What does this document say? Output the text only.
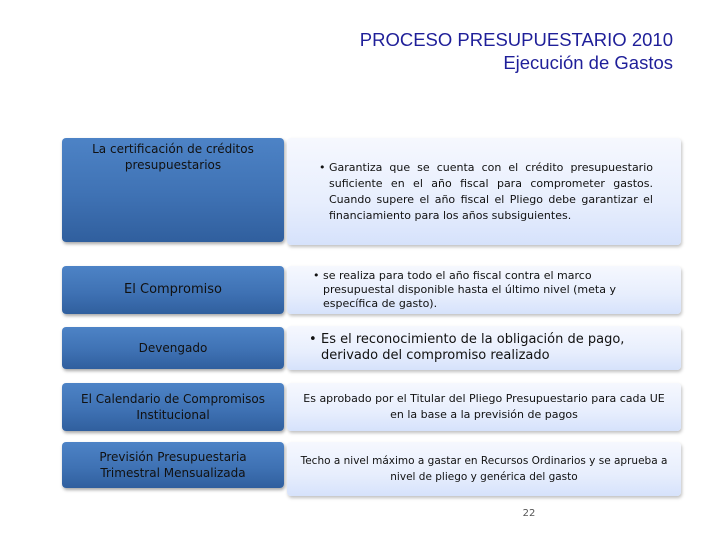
PROCESO PRESUPUESTARIO 2010
Ejecución de Gastos
La certificación de créditos presupuestarios	• Garantiza que se cuenta con el crédito presupuestario suficiente en el año fiscal para comprometer gastos. Cuando supere el año fiscal el Pliego debe garantizar el financiamiento para los años subsiguientes.
El Compromiso
• se realiza para todo el año fiscal contra el marco presupuestal disponible hasta el último nivel (meta y específica de gasto).
Devengado
• Es el reconocimiento de la obligación de pago, derivado del compromiso realizado
El Calendario de Compromisos Institucional
Es aprobado por el Titular del Pliego Presupuestario para cada UE en la base a la previsión de pagos
Previsión Presupuestaria Trimestral Mensualizada
Techo a nivel máximo a gastar en Recursos Ordinarios y se aprueba a nivel de pliego y genérica del gasto
22
